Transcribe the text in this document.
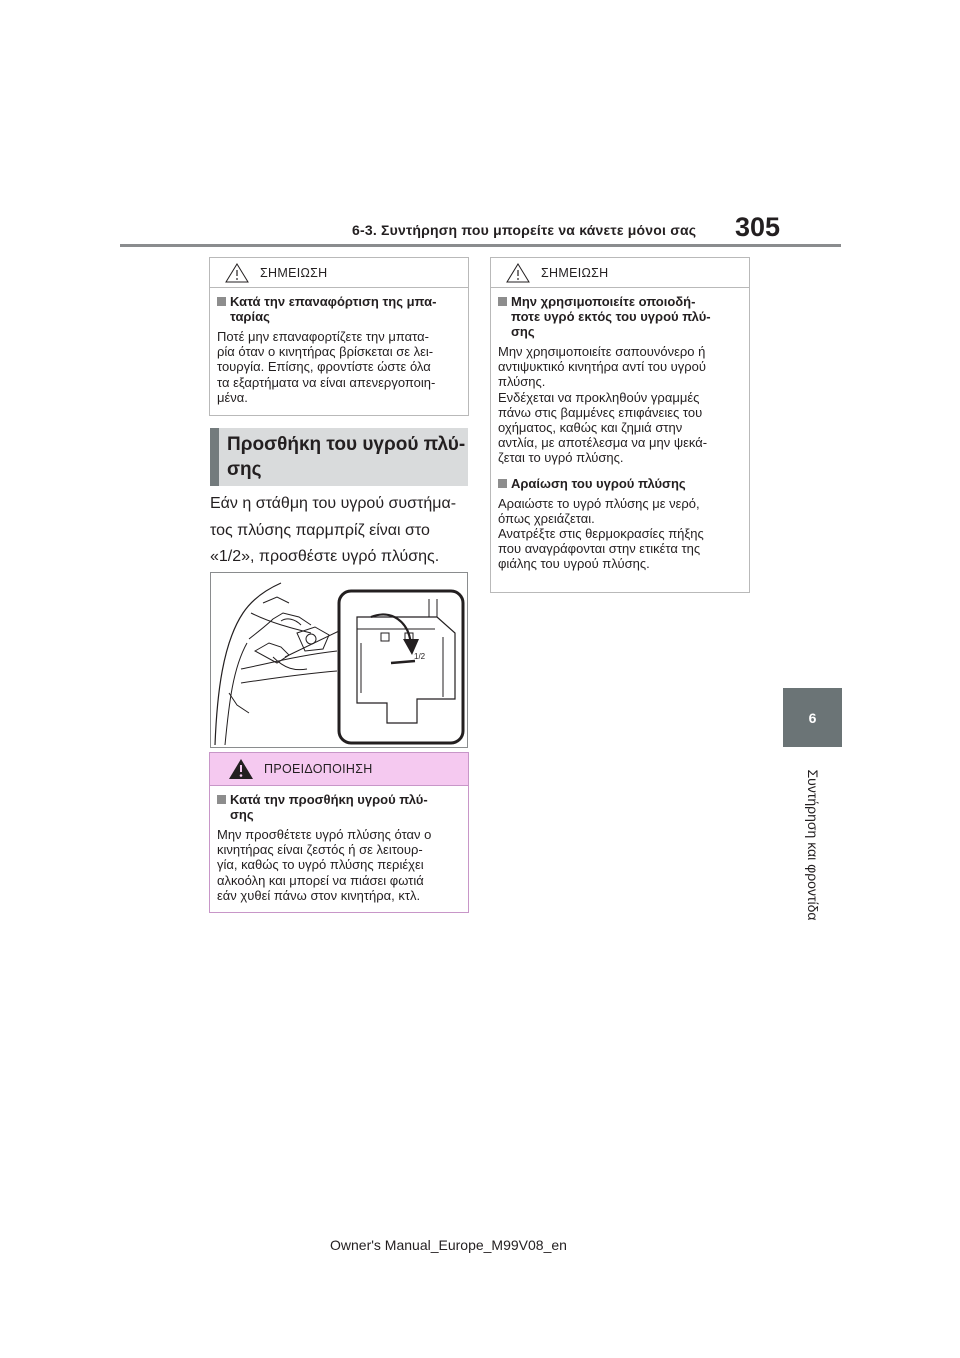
6-3. Συντήρηση που μπορείτε να κάνετε μόνοι σας 305
6
Συντήρηση και φροντίδα
ΣΗΜΕΙΩΣΗ
Κατά την επαναφόρτιση της μπα-
ταρίας
Ποτέ μην επαναφορτίζετε την μπατα-
ρία όταν ο κινητήρας βρίσκεται σε λει-
τουργία. Επίσης, φροντίστε ώστε όλα
τα εξαρτήματα να είναι απενεργοποιη-
μένα.
Προσθήκη του υγρού πλύ-
σης
Εάν η στάθμη του υγρού συστήμα-
τος πλύσης παρμπρίζ είναι στο
«1/2», προσθέστε υγρό πλύσης.
1/2
ΠΡΟΕΙΔΟΠΟΙΗΣΗ
Κατά την προσθήκη υγρού πλύ-
σης
Μην προσθέτετε υγρό πλύσης όταν ο
κινητήρας είναι ζεστός ή σε λειτουρ-
γία, καθώς το υγρό πλύσης περιέχει
αλκοόλη και μπορεί να πιάσει φωτιά
εάν χυθεί πάνω στον κινητήρα, κτλ.
ΣΗΜΕΙΩΣΗ
Μην χρησιμοποιείτε οποιοδή-
ποτε υγρό εκτός του υγρού πλύ-
σης
Μην χρησιμοποιείτε σαπουνόνερο ή
αντιψυκτικό κινητήρα αντί του υγρού
πλύσης.
Ενδέχεται να προκληθούν γραμμές
πάνω στις βαμμένες επιφάνειες του
οχήματος, καθώς και ζημιά στην
αντλία, με αποτέλεσμα να μην ψεκά-
ζεται το υγρό πλύσης.
Αραίωση του υγρού πλύσης
Αραιώστε το υγρό πλύσης με νερό,
όπως χρειάζεται.
Ανατρέξτε στις θερμοκρασίες πήξης
που αναγράφονται στην ετικέτα της
φιάλης του υγρού πλύσης.
Owner's Manual_Europe_M99V08_en
